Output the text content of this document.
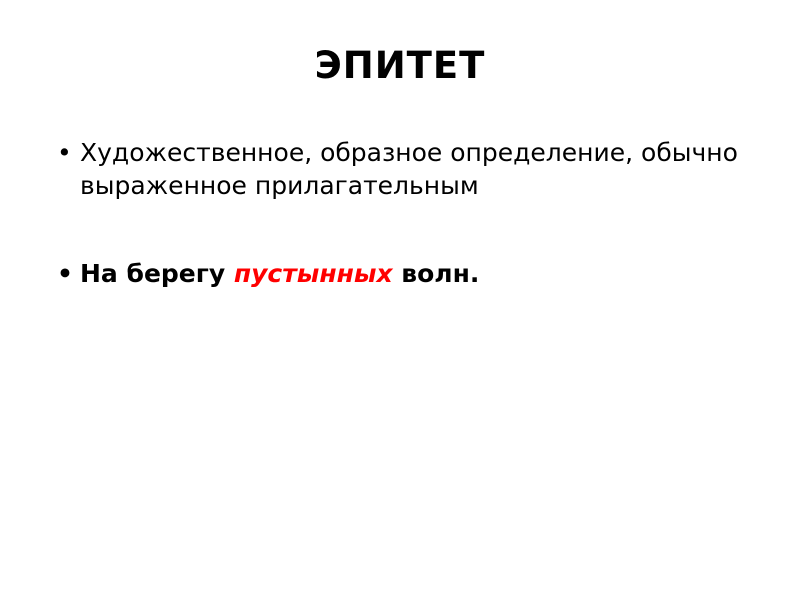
ЭПИТЕТ
• Художественное, образное определение, обычно выраженное прилагательным
• На берегу пустынных волн.
